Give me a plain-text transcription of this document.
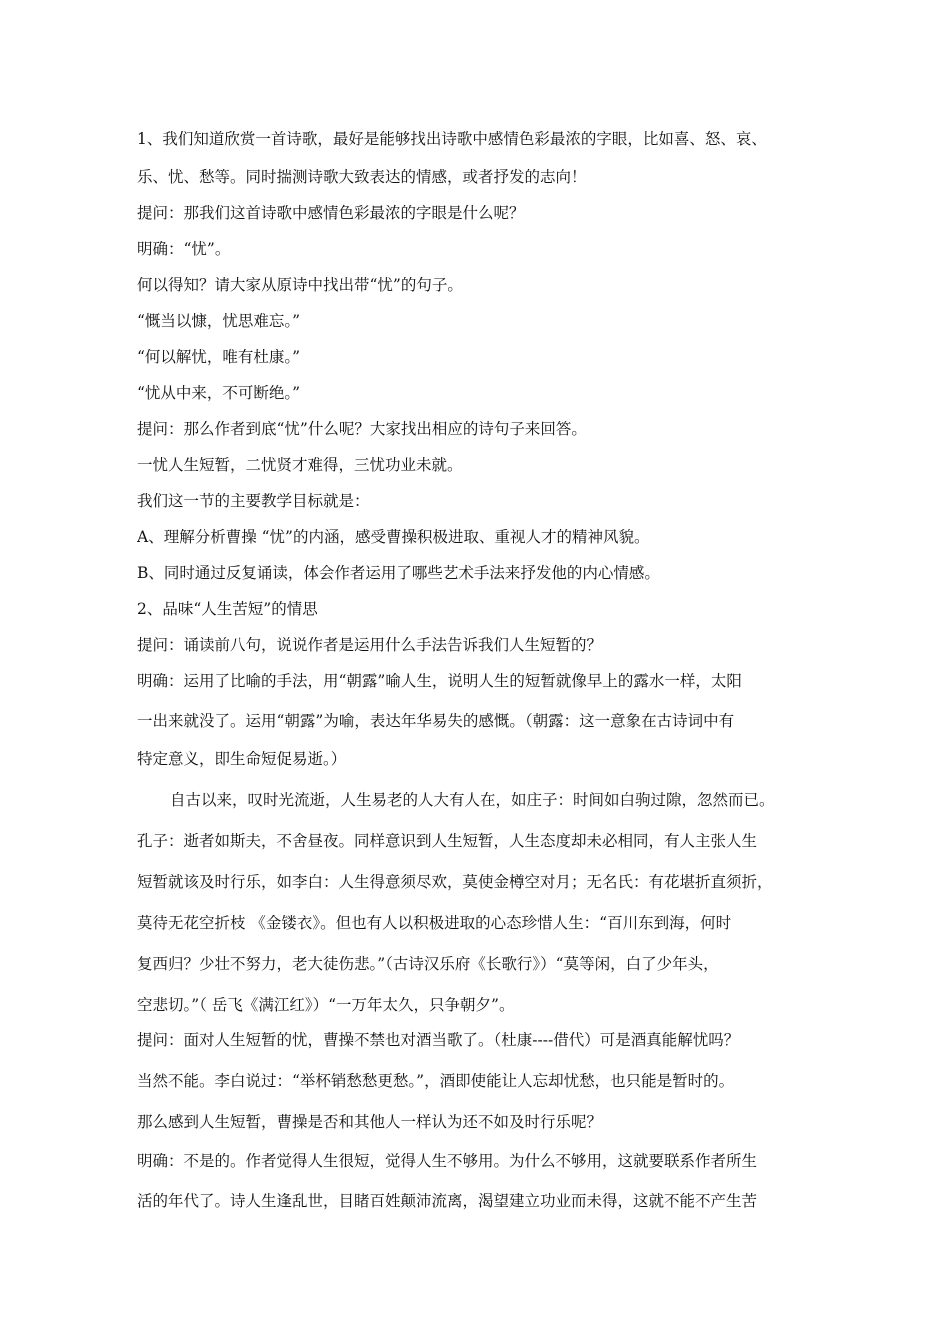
1、我们知道欣赏一首诗歌，最好是能够找出诗歌中感情色彩最浓的字眼，比如喜、怒、哀、
乐、忧、愁等。同时揣测诗歌大致表达的情感，或者抒发的志向！
提问：那我们这首诗歌中感情色彩最浓的字眼是什么呢？
明确：“忧”。
何以得知？请大家从原诗中找出带“忧”的句子。
“慨当以慷，忧思难忘。”
“何以解忧，唯有杜康。”
“忧从中来，不可断绝。”
提问：那么作者到底“忧”什么呢？大家找出相应的诗句子来回答。
一忧人生短暂，二忧贤才难得，三忧功业未就。
我们这一节的主要教学目标就是：
A、理解分析曹操 “忧”的内涵，感受曹操积极进取、重视人才的精神风貌。
B、同时通过反复诵读，体会作者运用了哪些艺术手法来抒发他的内心情感。
2、品味“人生苦短”的情思
提问：诵读前八句，说说作者是运用什么手法告诉我们人生短暂的？
明确：运用了比喻的手法，用“朝露”喻人生，说明人生的短暂就像早上的露水一样，太阳
一出来就没了。运用“朝露”为喻，表达年华易失的感慨。（朝露：这一意象在古诗词中有
特定意义，即生命短促易逝。）
自古以来，叹时光流逝，人生易老的人大有人在，如庄子：时间如白驹过隙，忽然而已。
孔子：逝者如斯夫，不舍昼夜。同样意识到人生短暂，人生态度却未必相同，有人主张人生
短暂就该及时行乐，如李白：人生得意须尽欢，莫使金樽空对月；无名氏：有花堪折直须折，
莫待无花空折枝 《金镂衣》。但也有人以积极进取的心态珍惜人生：“百川东到海，何时
复西归？少壮不努力，老大徒伤悲。”（古诗汉乐府《长歌行》）“莫等闲，白了少年头，
空悲切。”（ 岳飞《满江红》）“一万年太久，只争朝夕”。
提问：面对人生短暂的忧，曹操不禁也对酒当歌了。（杜康----借代）可是酒真能解忧吗？
当然不能。李白说过：“举杯销愁愁更愁。”，酒即使能让人忘却忧愁，也只能是暂时的。
那么感到人生短暂，曹操是否和其他人一样认为还不如及时行乐呢？
明确：不是的。作者觉得人生很短，觉得人生不够用。为什么不够用，这就要联系作者所生
活的年代了。诗人生逢乱世，目睹百姓颠沛流离，渴望建立功业而未得，这就不能不产生苦
